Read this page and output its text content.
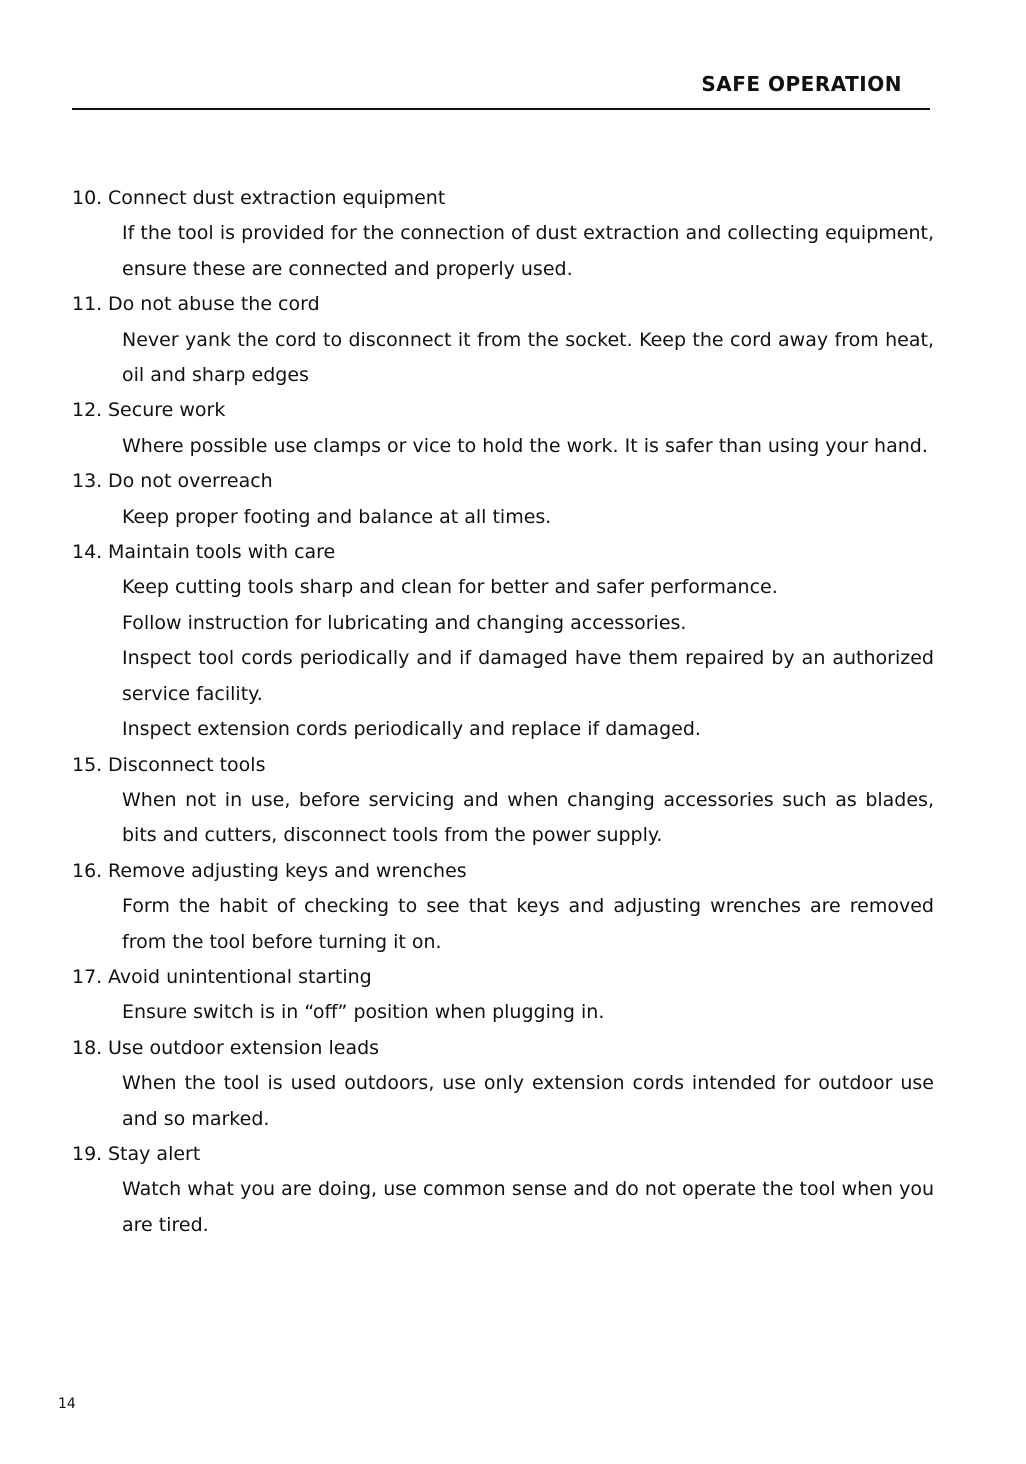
SAFE OPERATION
10. Connect dust extraction equipment
If the tool is provided for the connection of dust extraction and collecting equipment, ensure these are connected and properly used.
11. Do not abuse the cord
Never yank the cord to disconnect it from the socket. Keep the cord away from heat, oil and sharp edges
12. Secure work
Where possible use clamps or vice to hold the work. It is safer than using your hand.
13. Do not overreach
Keep proper footing and balance at all times.
14. Maintain tools with care
Keep cutting tools sharp and clean for better and safer performance.
Follow instruction for lubricating and changing accessories.
Inspect tool cords periodically and if damaged have them repaired by an authorized service facility.
Inspect extension cords periodically and replace if damaged.
15. Disconnect tools
When not in use, before servicing and when changing accessories such as blades, bits and cutters, disconnect tools from the power supply.
16. Remove adjusting keys and wrenches
Form the habit of checking to see that keys and adjusting wrenches are removed from the tool before turning it on.
17. Avoid unintentional starting
Ensure switch is in “off” position when plugging in.
18. Use outdoor extension leads
When the tool is used outdoors, use only extension cords intended for outdoor use and so marked.
19. Stay alert
Watch what you are doing, use common sense and do not operate the tool when you are tired.
14
